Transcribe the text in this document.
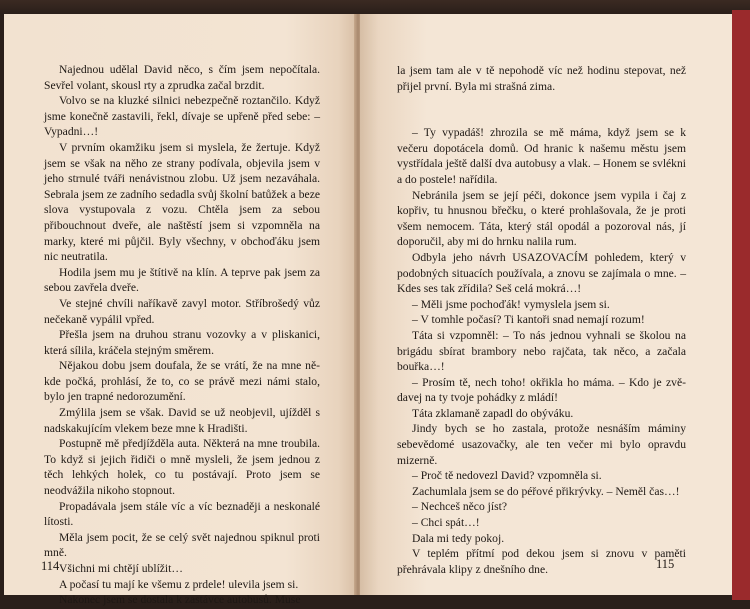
Najednou udělal David něco, s čím jsem nepočítala. Sevřel volant, skousl rty a zprudka začal brzdit.

Volvo se na kluzké silnici nebezpečně roztančilo. Když jsme konečně zastavili, řekl, dívaje se upřeně před sebe: – Vypadni…!

V prvním okamžiku jsem si myslela, že žertuje. Když jsem se však na něho ze strany podívala, objevila jsem v jeho strnulé tváři nenávistnou zlobu. Už jsem nezaváhala. Sebrala jsem ze zadního sedadla svůj školní batůžek a beze slova vystupovala z vozu. Chtěla jsem za sebou přibouchnout dveře, ale naštěstí jsem si vzpomněla na marky, které mi půjčil. Byly všechny, v obchoďáku jsem nic neutratila.

Hodila jsem mu je štítivě na klín. A teprve pak jsem za sebou zavřela dveře.

Ve stejné chvíli naříkavě zavyl motor. Stříbrošedý vůz nečekaně vypálil vpřed.

Přešla jsem na druhou stranu vozovky a v pliskanici, která sílila, kráčela stejným směrem.

Nějakou dobu jsem doufala, že se vrátí, že na mne někde počká, prohlásí, že to, co se právě mezi námi stalo, bylo jen trapné nedorozumění.

Zmýlila jsem se však. David se už neobjevil, ujížděl s nadskakujícím vlekem beze mne k Hradišti.

Postupně mě předjížděla auta. Některá na mne troubila. To když si jejich řidiči o mně mysleli, že jsem jednou z těch lehkých holek, co tu postávají. Proto jsem se neodvážila nikoho stopnout.

Propadávala jsem stále víc a víc beznaději a neskonalé lítosti.

Měla jsem pocit, že se celý svět najednou spiknul proti mně.

Všichni mi chtějí ublížit…

A počasí tu mají ke všemu z prdele! ulevila jsem si.

Nakonec jsem se dostala k zastávce autobusů. Muse

114

la jsem tam ale v tě nepohodě víc než hodinu stepovat, než přijel první. Byla mi strašná zima.

– Ty vypadáš! zhrozila se mě máma, když jsem se k večeru dopotácela domů. Od hranic k našemu městu jsem vystřídala ještě další dva autobusy a vlak. – Honem se svlékni a do postele! nařídila.

Nebránila jsem se její péči, dokonce jsem vypila i čaj z kopřiv, tu hnusnou břečku, o které prohlašovala, že je proti všem nemocem. Táta, který stál opodál a pozoroval nás, jí doporučil, aby mi do hrnku nalila rum.

Odbyla jeho návrh USAZOVACÍM pohledem, který v podobných situacích používala, a znovu se zajímala o mne. – Kdes ses tak zřídila? Seš celá mokrá…!

– Měli jsme pochoďák! vymyslela jsem si.

– V tomhle počasí? Ti kantoři snad nemají rozum!

Táta si vzpomněl: – To nás jednou vyhnali se školou na brigádu sbírat brambory nebo rajčata, tak něco, a začala bouřka…!

– Prosím tě, nech toho! okřikla ho máma. – Kdo je zvědavej na ty tvoje pohádky z mládí!

Táta zklamaně zapadl do obýváku.

Jindy bych se ho zastala, protože nesnáším máminy sebevědomé usazovačky, ale ten večer mi bylo opravdu mizerně.

– Proč tě nedovezl David? vzpomněla si.

Zachumlala jsem se do péřové přikrývky. – Neměl čas…!

– Nechceš něco jíst?

– Chci spát…!

Dala mi tedy pokoj.

V teplém přítmí pod dekou jsem si znovu v paměti přehrávala klipy z dnešního dne.	115
